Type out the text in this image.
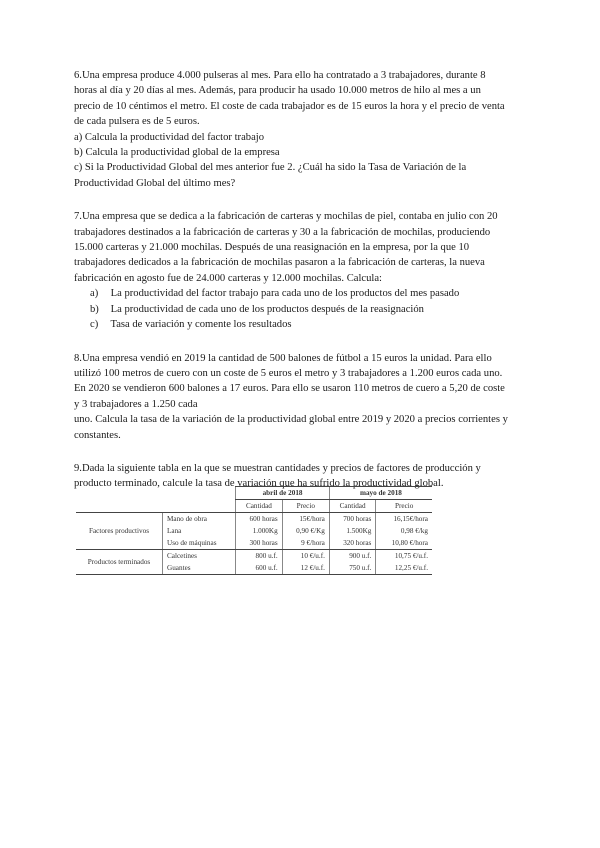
6.Una empresa produce 4.000 pulseras al mes. Para ello ha contratado a 3 trabajadores, durante 8
horas al día y 20 días al mes. Además, para producir ha usado 10.000 metros de hilo al mes a un
precio de 10 céntimos el metro. El coste de cada trabajador es de 15 euros la hora y el precio de venta
de cada pulsera es de 5 euros.
a) Calcula la productividad del factor trabajo
b) Calcula la productividad global de la empresa
c) Si la Productividad Global del mes anterior fue 2. ¿Cuál ha sido la Tasa de Variación de la
Productividad Global del último mes?
7.Una empresa que se dedica a la fabricación de carteras y mochilas de piel, contaba en julio con 20
trabajadores destinados a la fabricación de carteras y 30 a la fabricación de mochilas, produciendo
15.000 carteras y 21.000 mochilas. Después de una reasignación en la empresa, por la que 10
trabajadores dedicados a la fabricación de mochilas pasaron a la fabricación de carteras, la nueva
fabricación en agosto fue de 24.000 carteras y 12.000 mochilas. Calcula:
a) La productividad del factor trabajo para cada uno de los productos del mes pasado
b) La productividad de cada uno de los productos después de la reasignación
c) Tasa de variación y comente los resultados
8.Una empresa vendió en 2019 la cantidad de 500 balones de fútbol a 15 euros la unidad. Para ello
utilizó 100 metros de cuero con un coste de 5 euros el metro y 3 trabajadores a 1.200 euros cada uno.
En 2020 se vendieron 600 balones a 17 euros. Para ello se usaron 110 metros de cuero a 5,20 de coste
y 3 trabajadores a 1.250 cada
uno. Calcula la tasa de la variación de la productividad global entre 2019 y 2020 a precios corrientes y
constantes.
9.Dada la siguiente tabla en la que se muestran cantidades y precios de factores de producción y
producto terminado, calcule la tasa de variación que ha sufrido la productividad global.
		abril de 2018		mayo de 2018	
		Cantidad	Precio	Cantidad	Precio
Factores productivos	Mano de obra	600 horas	15€/hora	700 horas	16,15€/hora
	Lana	1.000Kg	0,90 €/Kg	1.500Kg	0,98 €/kg
	Uso de máquinas	300 horas	9 €/hora	320 horas	10,80 €/hora
Productos terminados	Calcetines	800 u.f.	10 €/u.f.	900 u.f.	10,75 €/u.f.
	Guantes	600 u.f.	12 €/u.f.	750 u.f.	12,25 €/u.f.
